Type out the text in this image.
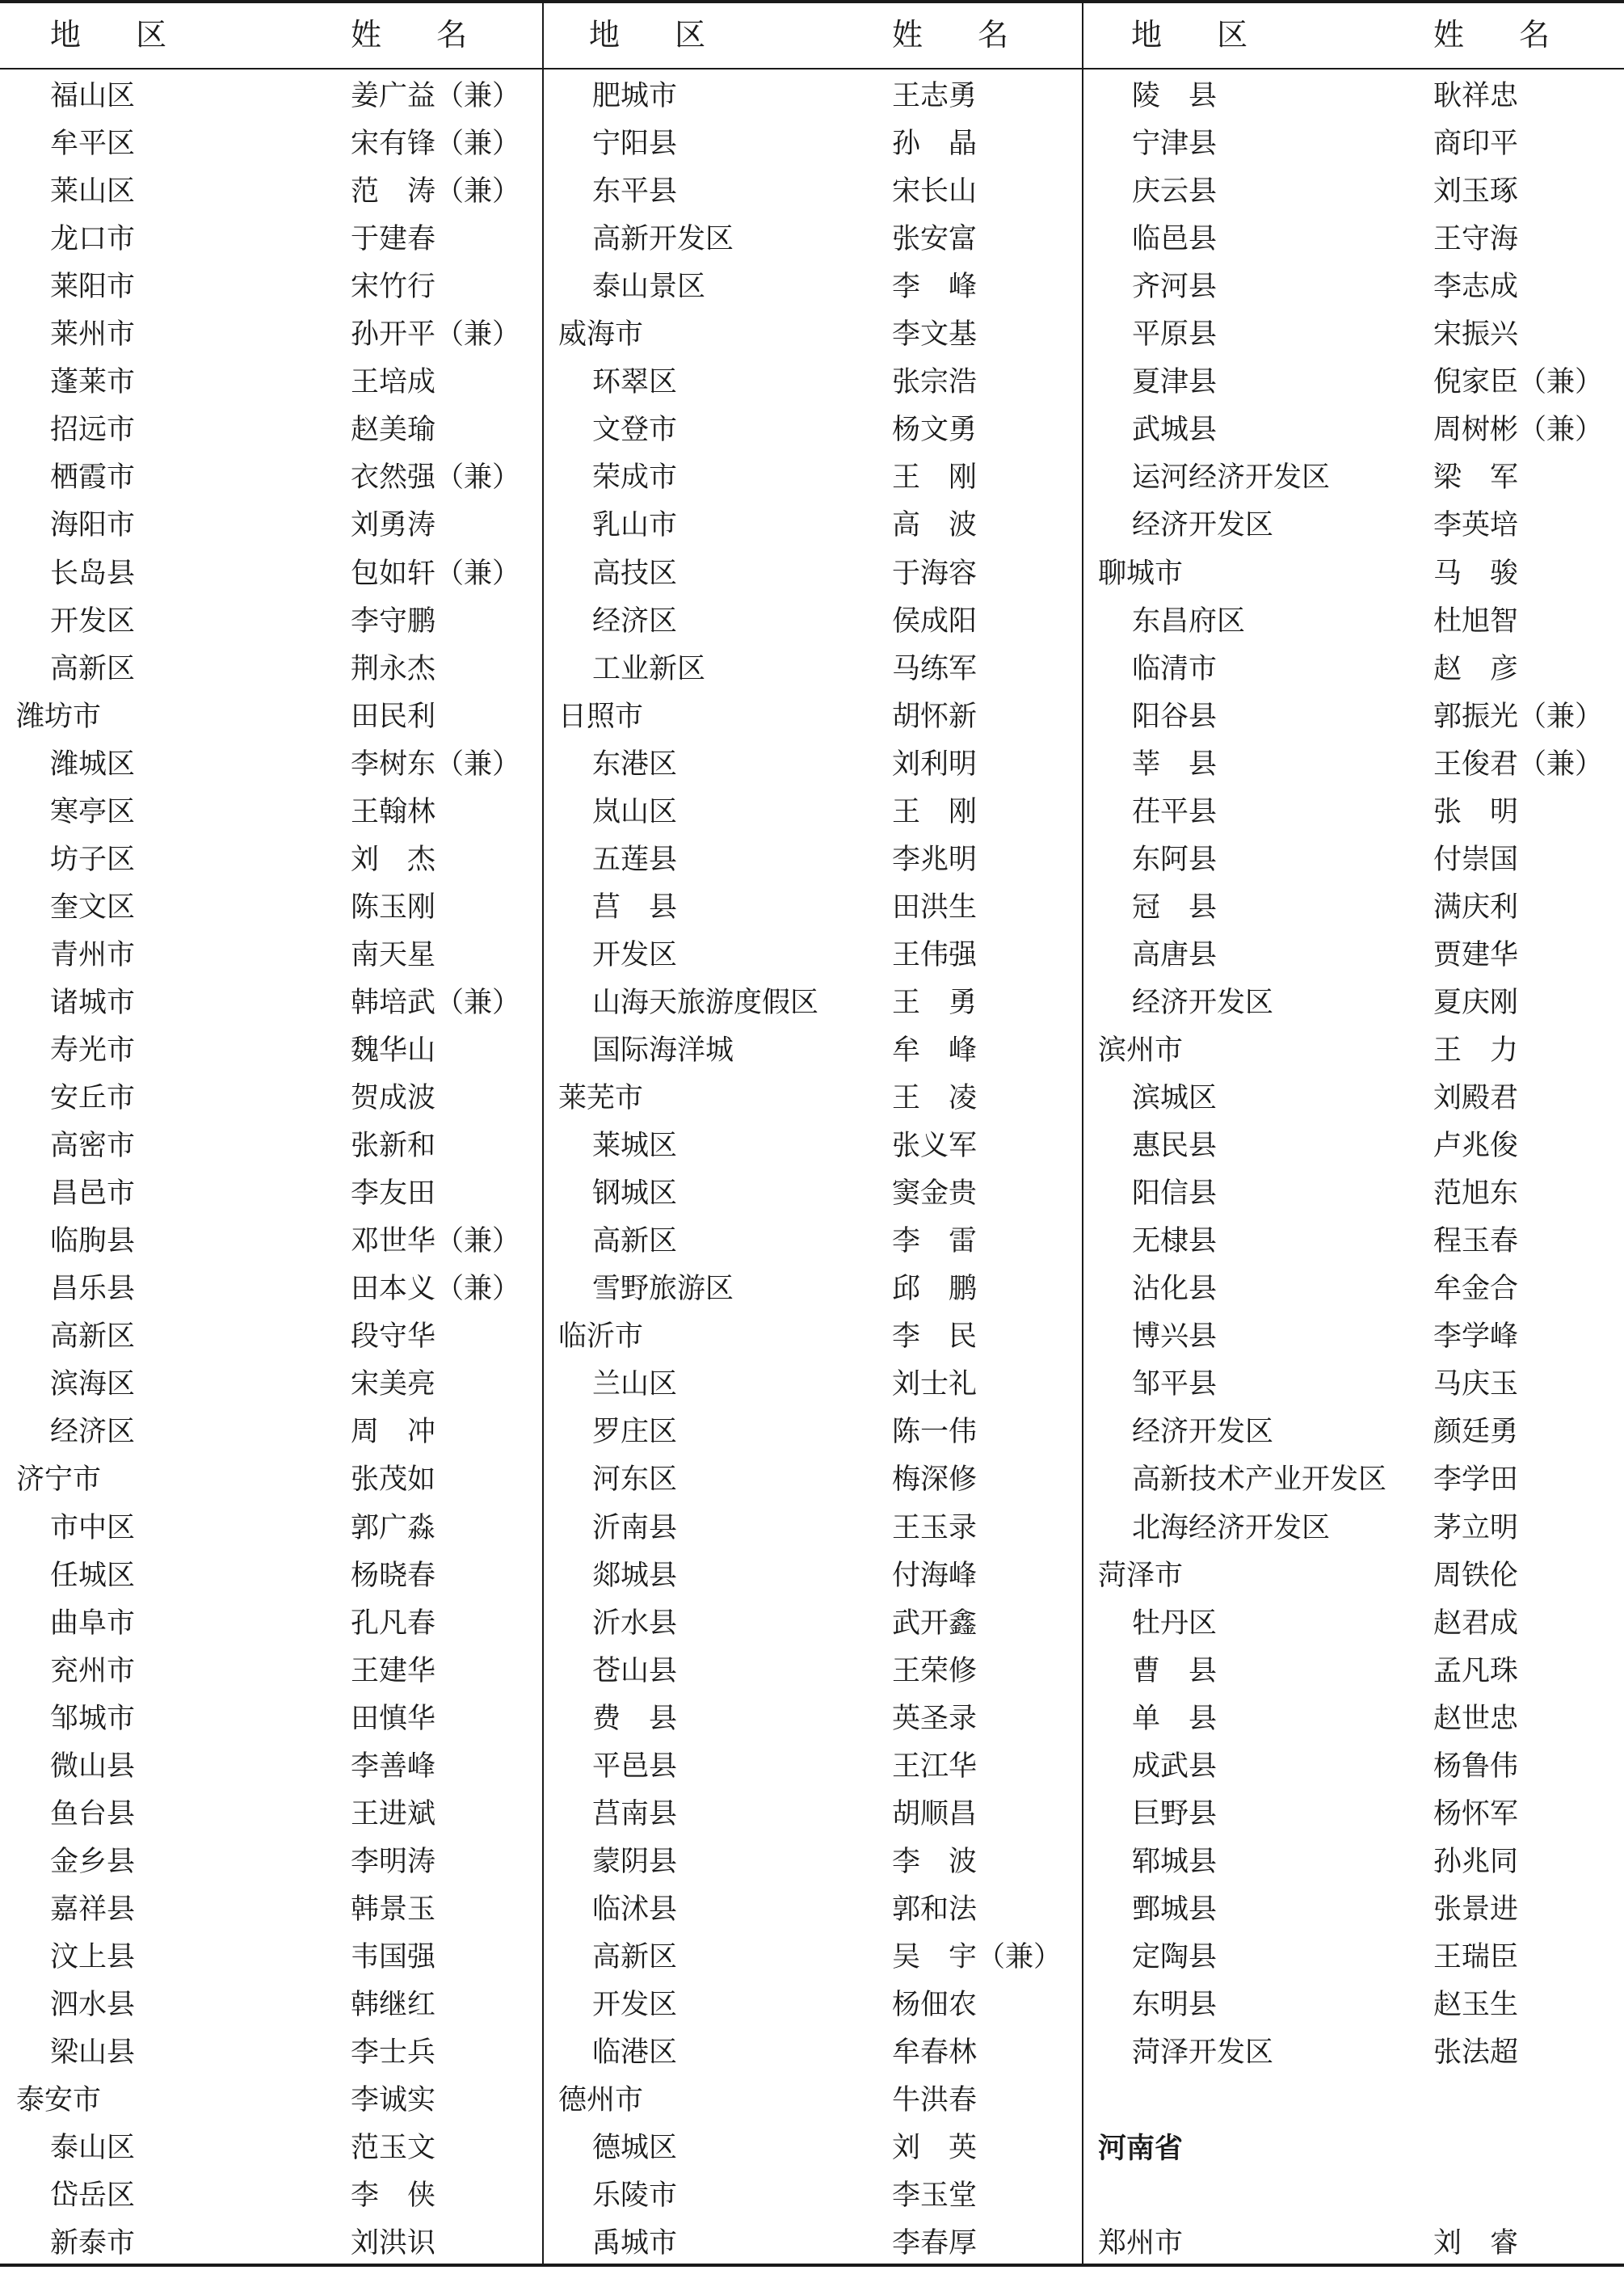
地 区	姓 名
福山区	姜广益（兼）
牟平区	宋有锋（兼）
莱山区	范　涛（兼）
龙口市	于建春
莱阳市	宋竹行
莱州市	孙开平（兼）
蓬莱市	王培成
招远市	赵美瑜
栖霞市	衣然强（兼）
海阳市	刘勇涛
长岛县	包如轩（兼）
开发区	李守鹏
高新区	荆永杰
潍坊市	田民利
潍城区	李树东（兼）
寒亭区	王翰林
坊子区	刘　杰
奎文区	陈玉刚
青州市	南天星
诸城市	韩培武（兼）
寿光市	魏华山
安丘市	贺成波
高密市	张新和
昌邑市	李友田
临朐县	邓世华（兼）
昌乐县	田本义（兼）
高新区	段守华
滨海区	宋美亮
经济区	周　冲
济宁市	张茂如
市中区	郭广淼
任城区	杨晓春
曲阜市	孔凡春
兖州市	王建华
邹城市	田慎华
微山县	李善峰
鱼台县	王进斌
金乡县	李明涛
嘉祥县	韩景玉
汶上县	韦国强
泗水县	韩继红
梁山县	李士兵
泰安市	李诚实
泰山区	范玉文
岱岳区	李　侠
新泰市	刘洪识
地 区	姓 名
肥城市	王志勇
宁阳县	孙　晶
东平县	宋长山
高新开发区	张安富
泰山景区	李　峰
威海市	李文基
环翠区	张宗浩
文登市	杨文勇
荣成市	王　刚
乳山市	高　波
高技区	于海容
经济区	侯成阳
工业新区	马练军
日照市	胡怀新
东港区	刘利明
岚山区	王　刚
五莲县	李兆明
莒　县	田洪生
开发区	王伟强
山海天旅游度假区	王　勇
国际海洋城	牟　峰
莱芜市	王　凌
莱城区	张义军
钢城区	窦金贵
高新区	李　雷
雪野旅游区	邱　鹏
临沂市	李　民
兰山区	刘士礼
罗庄区	陈一伟
河东区	梅深修
沂南县	王玉录
郯城县	付海峰
沂水县	武开鑫
苍山县	王荣修
费　县	英圣录
平邑县	王江华
莒南县	胡顺昌
蒙阴县	李　波
临沭县	郭和法
高新区	吴　宇（兼）
开发区	杨佃农
临港区	牟春林
德州市	牛洪春
德城区	刘　英
乐陵市	李玉堂
禹城市	李春厚
地 区	姓 名
陵　县	耿祥忠
宁津县	商印平
庆云县	刘玉琢
临邑县	王守海
齐河县	李志成
平原县	宋振兴
夏津县	倪家臣（兼）
武城县	周树彬（兼）
运河经济开发区	梁　军
经济开发区	李英培
聊城市	马　骏
东昌府区	杜旭智
临清市	赵　彦
阳谷县	郭振光（兼）
莘　县	王俊君（兼）
茌平县	张　明
东阿县	付崇国
冠　县	满庆利
高唐县	贾建华
经济开发区	夏庆刚
滨州市	王　力
滨城区	刘殿君
惠民县	卢兆俊
阳信县	范旭东
无棣县	程玉春
沾化县	牟金合
博兴县	李学峰
邹平县	马庆玉
经济开发区	颜廷勇
高新技术产业开发区 李学田
北海经济开发区	茅立明
菏泽市	周铁伦
牡丹区	赵君成
曹　县	孟凡珠
单　县	赵世忠
成武县	杨鲁伟
巨野县	杨怀军
郓城县	孙兆同
鄄城县	张景进
定陶县	王瑞臣
东明县	赵玉生
菏泽开发区	张法超
河南省
郑州市	刘　睿
